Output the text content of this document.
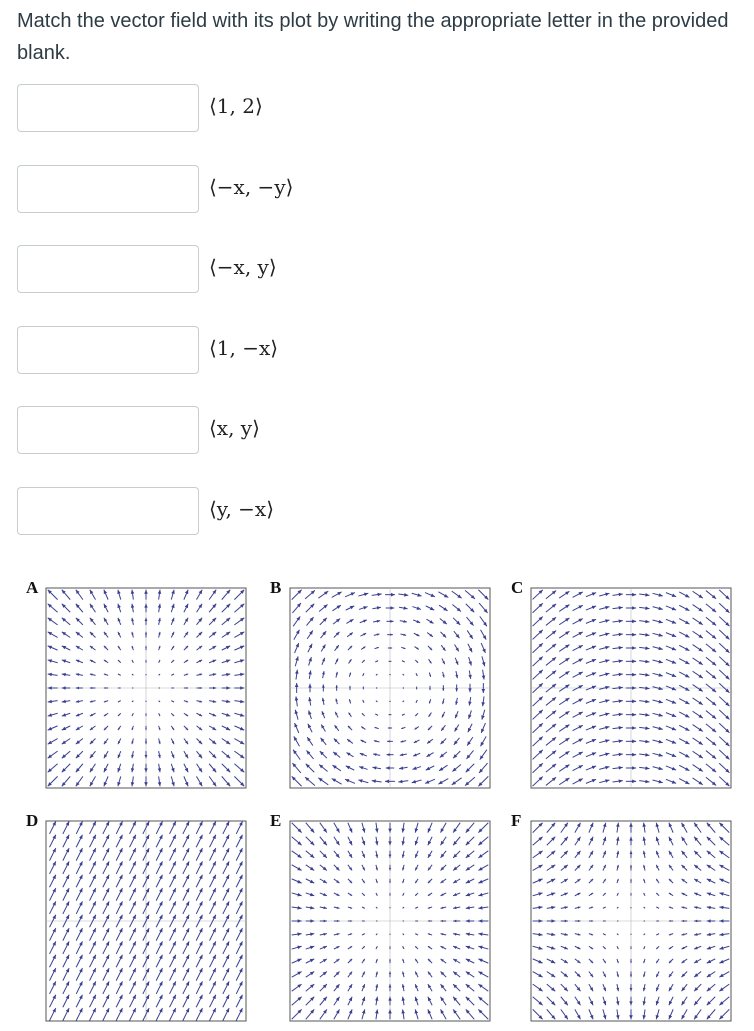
Match the vector field with its plot by writing the appropriate letter in the provided blank.

⟨1, 2⟩
⟨−x, −y⟩
⟨−x, y⟩
⟨1, −x⟩
⟨x, y⟩
⟨y, −x⟩
A	B	C
D	E	F
